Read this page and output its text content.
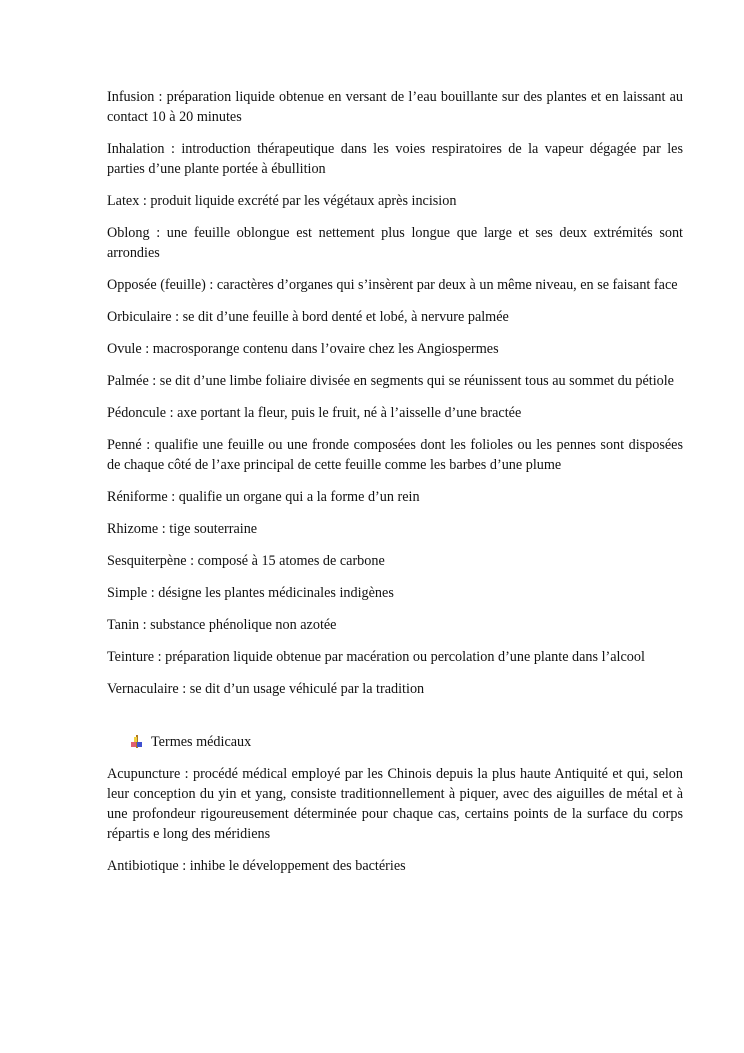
Infusion : préparation liquide obtenue en versant de l’eau bouillante sur des plantes et en laissant au contact 10 à 20 minutes

Inhalation : introduction thérapeutique dans les voies respiratoires de la vapeur dégagée par les parties d’une plante portée à ébullition

Latex : produit liquide excrété par les végétaux après incision

Oblong : une feuille oblongue est nettement plus longue que large et ses deux extrémités sont arrondies

Opposée (feuille) : caractères d’organes qui s’insèrent par deux à un même niveau, en se faisant face

Orbiculaire : se dit d’une feuille à bord denté et lobé, à nervure palmée

Ovule : macrosporange contenu dans l’ovaire chez les Angiospermes

Palmée : se dit d’une limbe foliaire divisée en segments qui se réunissent tous au sommet du pétiole

Pédoncule : axe portant la fleur, puis le fruit, né à l’aisselle d’une bractée

Penné : qualifie une feuille ou une fronde composées dont les folioles ou les pennes sont disposées de chaque côté de l’axe principal de cette feuille comme les barbes d’une plume

Réniforme : qualifie un organe qui a la forme d’un rein

Rhizome : tige souterraine

Sesquiterpène : composé à 15 atomes de carbone

Simple : désigne les plantes médicinales indigènes

Tanin : substance phénolique non azotée

Teinture : préparation liquide obtenue par macération ou percolation d’une plante dans l’alcool

Vernaculaire : se dit d’un usage véhiculé par la tradition

Termes médicaux

Acupuncture : procédé médical employé par les Chinois depuis la plus haute Antiquité et qui, selon leur conception du yin et yang, consiste traditionnellement à piquer, avec des aiguilles de métal et à une profondeur rigoureusement déterminée pour chaque cas, certains points de la surface du corps répartis e long des méridiens

Antibiotique : inhibe le développement des bactéries
